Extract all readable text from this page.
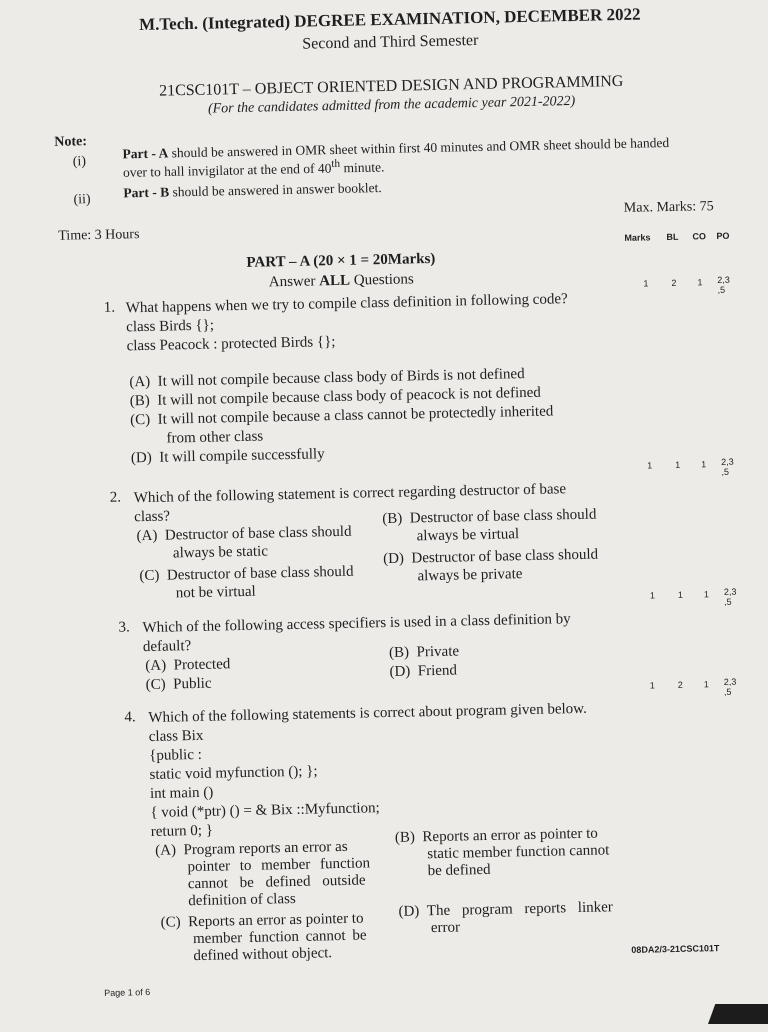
M.Tech. (Integrated) DEGREE EXAMINATION, DECEMBER 2022
Second and Third Semester
21CSC101T – OBJECT ORIENTED DESIGN AND PROGRAMMING
(For the candidates admitted from the academic year 2021-2022)
Note:
(i)
Part - A should be answered in OMR sheet within first 40 minutes and OMR sheet should be handed
over to hall invigilator at the end of 40th minute.
(ii) Part - B should be answered in answer booklet.
Time: 3 Hours
Max. Marks: 75
Marks BL CO PO
PART – A (20 × 1 = 20Marks)
Answer ALL Questions
1. What happens when we try to compile class definition in following code?
class Birds {};
class Peacock : protected Birds {};
1	2 1 2,3
,5
(A) It will not compile because class body of Birds is not defined
(B) It will not compile because class body of peacock is not defined
(C) It will not compile because a class cannot be protectedly inherited
from other class
(D) It will compile successfully
2. Which of the following statement is correct regarding destructor of base
class?
1	1 1 2,3
,5
(A) Destructor of base class should
always be static
(B) Destructor of base class should
always be virtual
(C) Destructor of base class should
not be virtual
(D) Destructor of base class should
always be private
3. Which of the following access specifiers is used in a class definition by
default?
1	1 1 2,3
,5
(A) Protected
(C) Public
(B) Private
(D) Friend
4. Which of the following statements is correct about program given below.
class Bix
{public :
static void myfunction (); };
int main ()
{ void (*ptr) () = & Bix ::Myfunction;
return 0; }
1	2 1 2,3
,5
(A) Program reports an error as
pointer to member function
cannot be defined outside
definition of class
(B) Reports an error as pointer to
static member function cannot
be defined
(C) Reports an error as pointer to
member function cannot be
defined without object.
(D) The program reports linker
error
Page 1 of 6
08DA2/3-21CSC101T
